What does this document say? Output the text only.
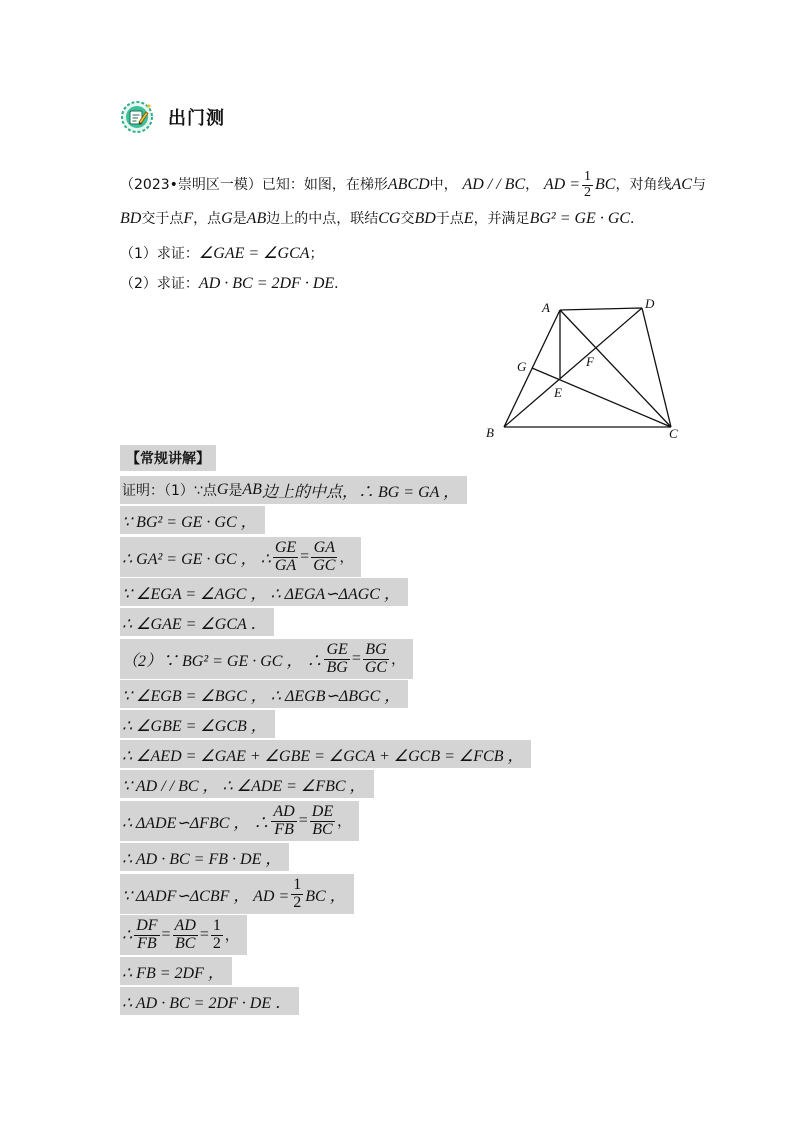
出门测
（2023•崇明区一模）已知：如图，在梯形ABCD中， AD / / BC， AD = $\frac{1}{2}$ BC，对角线AC与
BD交于点F，点G是AB边上的中点，联结CG交BD于点E，并满足BG² = GE · GC．
（1）求证：∠GAE = ∠GCA；
（2）求证：AD · BC = 2DF · DE．
A	D
G	F
E
B	C
【常规讲解】
证明：（1）∵点 G 是 AB 边上的中点，∴ BG = GA ，
∵ BG² = GE · GC ，
∴ GA² = GE · GC ， ∴ $\frac{GE}{GA} = \frac{GA}{GC}$ ，
∵ ∠EGA = ∠AGC ， ∴ ΔEGA∽ΔAGC ，
∴ ∠GAE = ∠GCA ．
（2）∵ BG² = GE · GC ， ∴ $\frac{GE}{BG} = \frac{BG}{GC}$ ，
∵ ∠EGB = ∠BGC ， ∴ ΔEGB∽ΔBGC ，
∴ ∠GBE = ∠GCB ，
∴ ∠AED = ∠GAE + ∠GBE = ∠GCA + ∠GCB = ∠FCB ，
∵ AD / / BC ， ∴ ∠ADE = ∠FBC ，
∴ ΔADE∽ΔFBC ， ∴ $\frac{AD}{FB} = \frac{DE}{BC}$ ，
∴ AD · BC = FB · DE ，
∵ ΔADF∽ΔCBF ， AD = $\frac{1}{2}$ BC ，
∴ $\frac{DF}{FB} = \frac{AD}{BC} = \frac{1}{2}$ ，
∴ FB = 2DF ，
∴ AD · BC = 2DF · DE ．
